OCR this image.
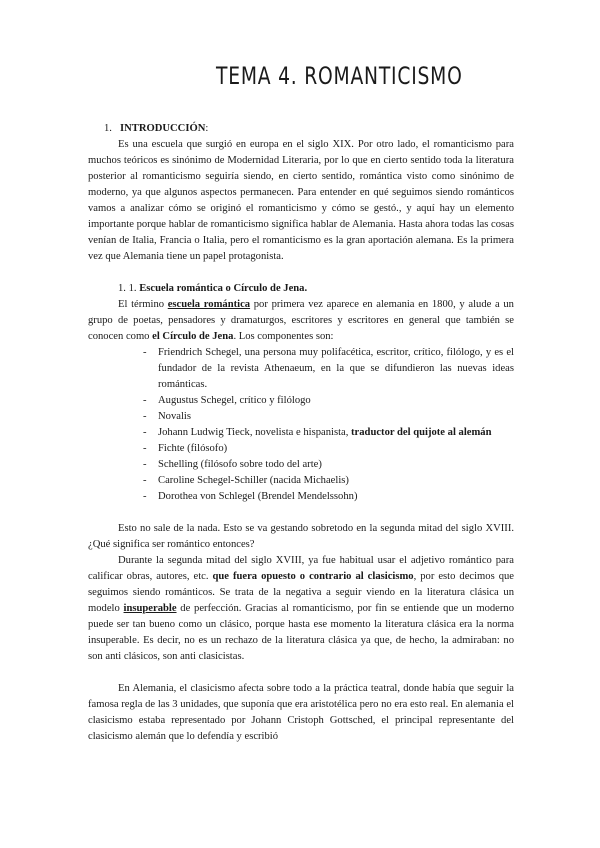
TEMA 4. ROMANTICISMO

1. INTRODUCCIÓN:

Es una escuela que surgió en europa en el siglo XIX. Por otro lado, el romanticismo para muchos teóricos es sinónimo de Modernidad Literaria, por lo que en cierto sentido toda la literatura posterior al romanticismo seguiría siendo, en cierto sentido, romántica visto como sinónimo de moderno, ya que algunos aspectos permanecen. Para entender en qué seguimos siendo románticos vamos a analizar cómo se originó el romanticismo y cómo se gestó., y aquí hay un elemento importante porque hablar de romanticismo significa hablar de Alemania. Hasta ahora todas las cosas venían de Italia, Francia o Italia, pero el romanticismo es la gran aportación alemana. Es la primera vez que Alemania tiene un papel protagonista.

1. 1. Escuela romántica o Círculo de Jena.

El término escuela romántica por primera vez aparece en alemania en 1800, y alude a un grupo de poetas, pensadores y dramaturgos, escritores y escritores en general que también se conocen como el Círculo de Jena. Los componentes son:

- Friendrich Schegel, una persona muy polifacética, escritor, crítico, filólogo, y es el fundador de la revista Athenaeum, en la que se difundieron las nuevas ideas románticas.
- Augustus Schegel, crítico y filólogo
- Novalis
- Johann Ludwig Tieck, novelista e hispanista, traductor del quijote al alemán
- Fichte (filósofo)
- Schelling (filósofo sobre todo del arte)
- Caroline Schegel-Schiller (nacida Michaelis)
- Dorothea von Schlegel (Brendel Mendelssohn)

Esto no sale de la nada. Esto se va gestando sobretodo en la segunda mitad del siglo XVIII. ¿Qué significa ser romántico entonces?

Durante la segunda mitad del siglo XVIII, ya fue habitual usar el adjetivo romántico para calificar obras, autores, etc. que fuera opuesto o contrario al clasicismo, por esto decimos que seguimos siendo románticos. Se trata de la negativa a seguir viendo en la literatura clásica un modelo insuperable de perfección. Gracias al romanticismo, por fin se entiende que un moderno puede ser tan bueno como un clásico, porque hasta ese momento la literatura clásica era la norma insuperable. Es decir, no es un rechazo de la literatura clásica ya que, de hecho, la admiraban: no son anti clásicos, son anti clasicistas.

En Alemania, el clasicismo afecta sobre todo a la práctica teatral, donde había que seguir la famosa regla de las 3 unidades, que suponía que era aristotélica pero no era esto real. En alemania el clasicismo estaba representado por Johann Cristoph Gottsched, el principal representante del clasicismo alemán que lo defendía y escribió
